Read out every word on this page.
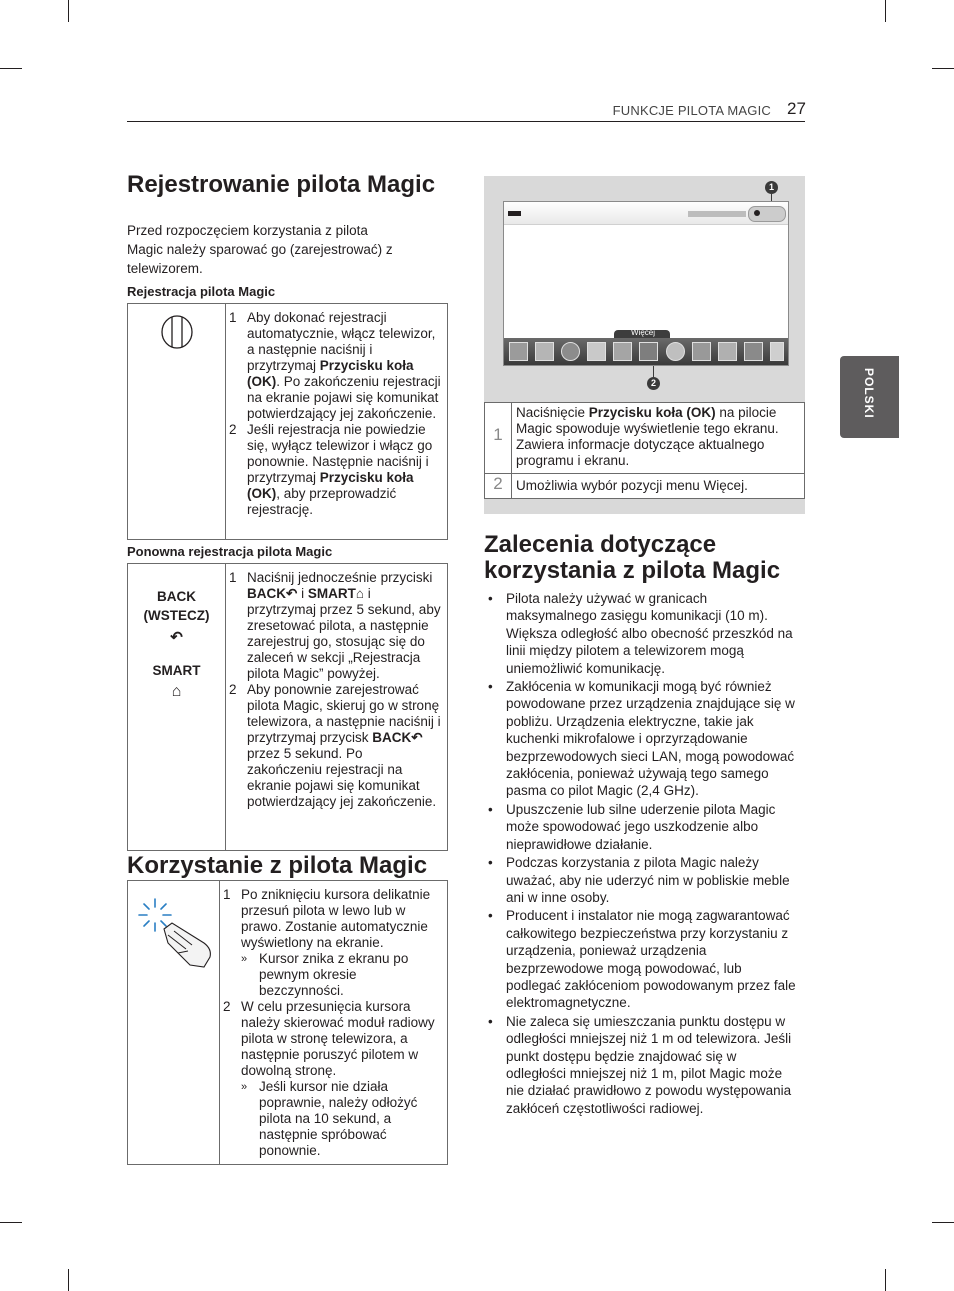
FUNKCJE PILOTA MAGIC 27
POLSKI
Rejestrowanie pilota Magic

Przed rozpoczęciem korzystania z pilota

Magic należy sparować go (zarejestrować) z

telewizorem.

Rejestracja pilota Magic

1 Aby dokonać rejestracji automatycznie, włącz telewizor, a następnie naciśnij i przytrzymaj Przycisku koła (OK). Po zakończeniu rejestracji na ekranie pojawi się komunikat potwierdzający jej zakończenie.
2 Jeśli rejestracja nie powiedzie się, wyłącz telewizor i włącz go ponownie. Następnie naciśnij i przytrzymaj Przycisku koła (OK), aby przeprowadzić rejestrację.

Ponowna rejestracja pilota Magic

BACK
(WSTECZ)
↶
SMART
⌂
1 Naciśnij jednocześnie przyciski BACK↶ i SMART⌂ i przytrzymaj przez 5 sekund, aby zresetować pilota, a następnie zarejestruj go, stosując się do zaleceń w sekcji „Rejestracja pilota Magic” powyżej.
2 Aby ponownie zarejestrować pilota Magic, skieruj go w stronę telewizora, a następnie naciśnij i przytrzymaj przycisk BACK↶ przez 5 sekund. Po zakończeniu rejestracji na ekranie pojawi się komunikat potwierdzający jej zakończenie.
Korzystanie z pilota Magic
1 Po zniknięciu kursora delikatnie przesuń pilota w lewo lub w prawo. Zostanie automatycznie wyświetlony na ekranie.
» Kursor znika z ekranu po pewnym okresie bezczynności.
2 W celu przesunięcia kursora należy skierować moduł radiowy pilota w stronę telewizora, a następnie poruszyć pilotem w dowolną stronę.
» Jeśli kursor nie działa poprawnie, należy odłożyć pilota na 10 sekund, a następnie spróbować ponownie.
1
Więcej
2
1	Naciśnięcie Przycisku koła (OK) na pilocie Magic spowoduje wyświetlenie tego ekranu. Zawiera informacje dotyczące aktualnego programu i ekranu.
2	Umożliwia wybór pozycji menu Więcej.
Zalecenia dotyczące
korzystania z pilota Magic
• Pilota należy używać w granicach maksymalnego zasięgu komunikacji (10 m). Większa odległość albo obecność przeszkód na linii między pilotem a telewizorem mogą uniemożliwić komunikację.
• Zakłócenia w komunikacji mogą być również powodowane przez urządzenia znajdujące się w pobliżu. Urządzenia elektryczne, takie jak kuchenki mikrofalowe i oprzyrządowanie bezprzewodowych sieci LAN, mogą powodować zakłócenia, ponieważ używają tego samego pasma co pilot Magic (2,4 GHz).
• Upuszczenie lub silne uderzenie pilota Magic może spowodować jego uszkodzenie albo nieprawidłowe działanie.
• Podczas korzystania z pilota Magic należy uważać, aby nie uderzyć nim w pobliskie meble ani w inne osoby.
• Producent i instalator nie mogą zagwarantować całkowitego bezpieczeństwa przy korzystaniu z urządzenia, ponieważ urządzenia bezprzewodowe mogą powodować, lub podlegać zakłóceniom powodowanym przez fale elektromagnetyczne.
• Nie zaleca się umieszczania punktu dostępu w odległości mniejszej niż 1 m od telewizora. Jeśli punkt dostępu będzie znajdować się w odległości mniejszej niż 1 m, pilot Magic może nie działać prawidłowo z powodu występowania zakłóceń częstotliwości radiowej.
